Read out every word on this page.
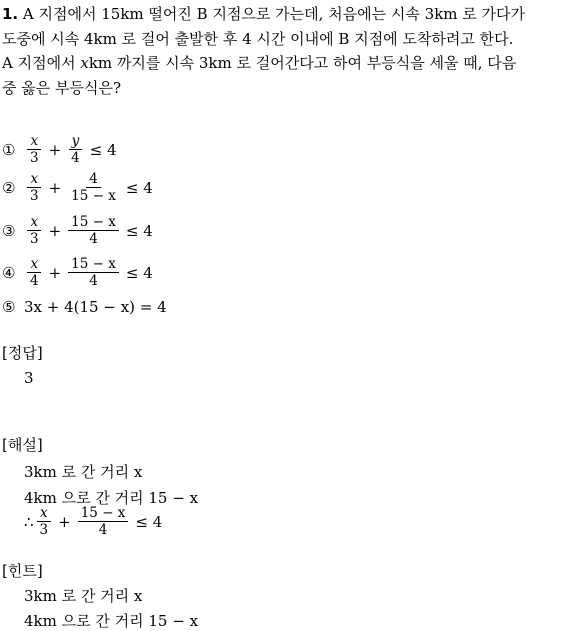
1. A 지점에서 15km 떨어진 B 지점으로 가는데, 처음에는 시속 3km 로 가다가
도중에 시속 4km 로 걸어 출발한 후 4 시간 이내에 B 지점에 도착하려고 한다.
A 지점에서 xkm 까지를 시속 3km 로 걸어간다고 하여 부등식을 세울 때, 다음
중 옳은 부등식은?
① $\frac{x}{3} + \frac{y}{4} \le 4$
② $\frac{x}{3} + \frac{4}{15 - x} \le 4$
③ $\frac{x}{3} + \frac{15 - x}{4} \le 4$
④ $\frac{x}{4} + \frac{15 - x}{4} \le 4$
⑤ 3x + 4(15 − x) = 4
[정답]
3
[해설]
3km 로 간 거리 x
4km 으로 간 거리 15 − x
∴ $\frac{x}{3} + \frac{15 - x}{4} \le 4$
[힌트]
3km 로 간 거리 x
4km 으로 간 거리 15 − x
